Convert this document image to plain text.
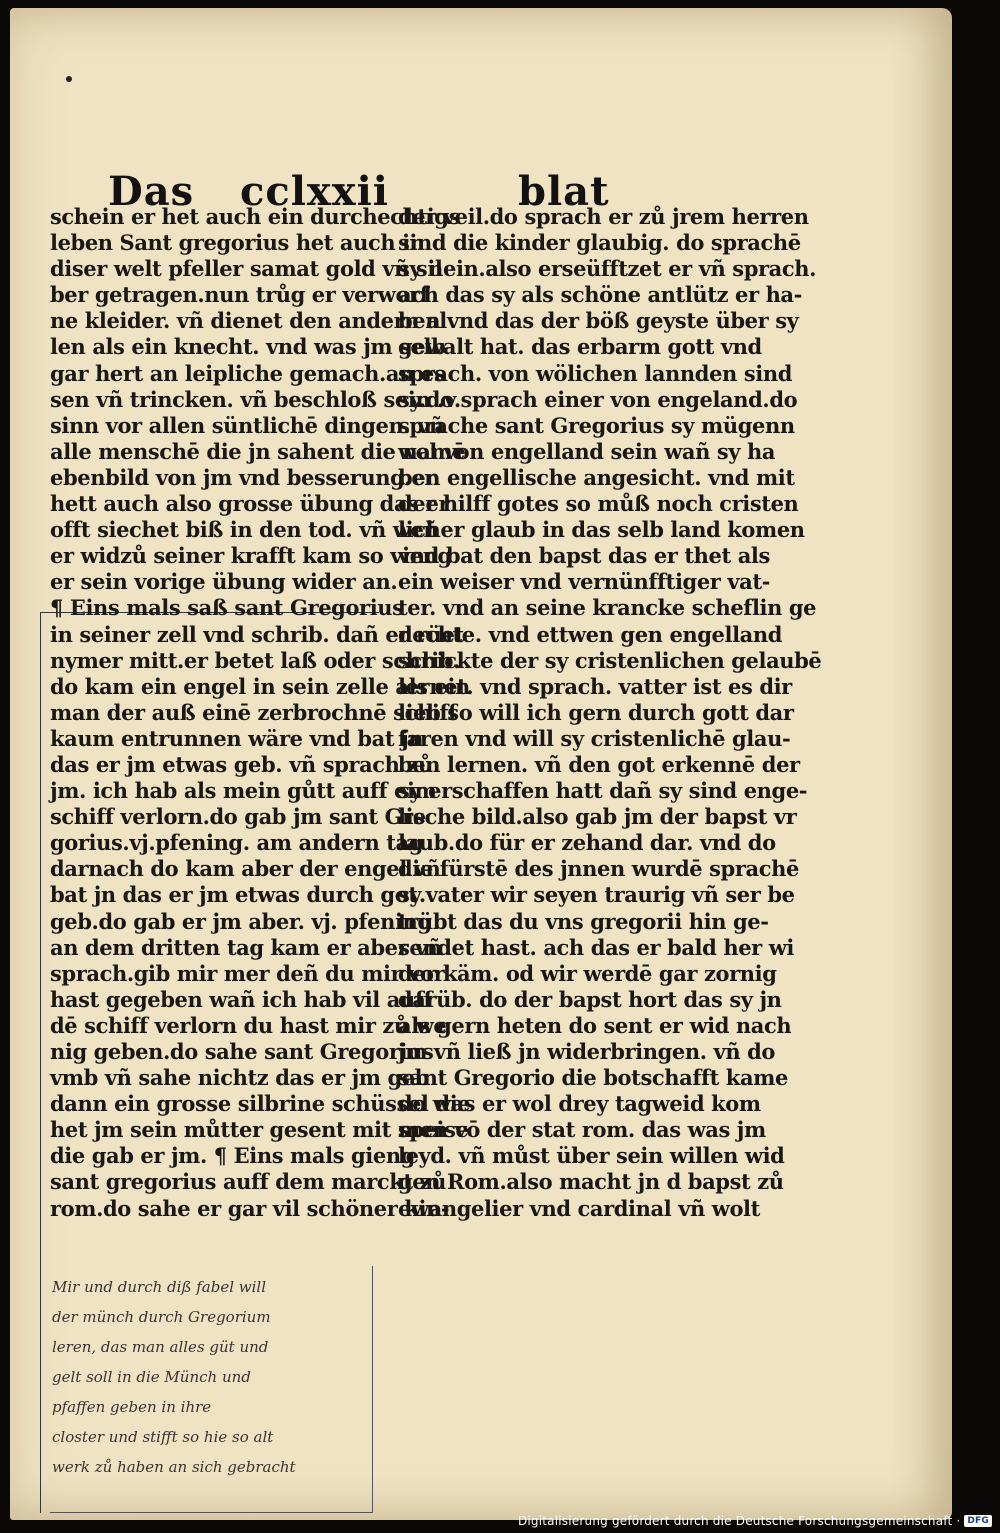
Das cclxxii	blat
schein er het auch ein durchechtigs
leben Sant gregorius het auch in
diser welt pfeller samat gold vñ sil
ber getragen.nun trůg er verworf
ne kleider. vñ dienet den andern al
len als ein knecht. vnd was jm selb
gar hert an leipliche gemach.an es
sen vñ trincken. vñ beschloß sein .v.
sinn vor allen süntlichē dingen. vñ
alle menschē die jn sahent die namē
ebenbild von jm vnd besserung.er
hett auch also grosse übung das er
offt siechet biß in den tod. vñ weñ
er widzů seiner krafft kam so vieng
er sein vorige übung wider an.
¶ Eins mals saß sant Gregorius
in seiner zell vnd schrib. dañ er rüet
nymer mitt.er betet laß oder schrib.
do kam ein engel in sein zelle als ein
man der auß einē zerbrochnē schiff
kaum entrunnen wäre vnd bat jn
das er jm etwas geb. vñ sprach zů
jm. ich hab als mein gůtt auff eim
schiff verlorn.do gab jm sant Gre
gorius.vj.pfening. am andern tag
darnach do kam aber der engel vñ
bat jn das er jm etwas durch got
geb.do gab er jm aber. vj. pfening
an dem dritten tag kam er aber vñ
sprach.gib mir mer deñ du mir vor
hast gegeben wañ ich hab vil auff
dē schiff verlorn du hast mir zů we
nig geben.do sahe sant Gregorius
vmb vñ sahe nichtz das er jm geb
dann ein grosse silbrine schüssel die
het jm sein můtter gesent mit speise
die gab er jm. ¶ Eins mals gieng
sant gregorius auff dem marckt zů
rom.do sahe er gar vil schöner kin-
der veil.do sprach er zů jrem herren
sind die kinder glaubig. do sprachē
sy nein.also erseüfftzet er vñ sprach.
ach das sy als schöne antlütz er ha-
ben vnd das der böß geyste über sy
gewalt hat. das erbarm gott vnd
sprach. von wölichen lannden sind
sy.do sprach einer von engeland.do
sprache sant Gregorius sy mügenn
wol von engelland sein wañ sy ha
ben engellische angesicht. vnd mit
der hilff gotes so můß noch cristen
licher glaub in das selb land komen
vnd bat den bapst das er thet als
ein weiser vnd vernünfftiger vat-
ter. vnd an seine krancke scheflin ge
dechte. vnd ettwen gen engelland
schickte der sy cristenlichen gelaubē
lernet. vnd sprach. vatter ist es dir
lieb so will ich gern durch gott dar
faren vnd will sy cristenlichē glau-
ben lernen. vñ den got erkennē der
sy erschaffen hatt dañ sy sind enge-
lische bild.also gab jm der bapst vr
laub.do für er zehand dar. vnd do
die fürstē des jnnen wurdē sprachē
sy.vater wir seyen traurig vñ ser be
trübt das du vns gregorii hin ge-
sendet hast. ach das er bald her wi
der käm. od wir werdē gar zornig
darüb. do der bapst hort das sy jn
als gern heten do sent er wid nach
jm vñ ließ jn widerbringen. vñ do
sant Gregorio die botschafft kame
do was er wol drey tagweid kom
men vō der stat rom. das was jm
leyd. vñ můst über sein willen wid
gen Rom.also macht jn d bapst zů
ewangelier vnd cardinal vñ wolt
Mir und durch diß fabel will
der münch durch Gregorium
leren, das man alles güt und
gelt soll in die Münch und
pfaffen geben in ihre
closter und stifft so hie so alt
werk zů haben an sich gebracht
Digitalisierung gefördert durch die Deutsche Forschungsgemeinschaft · DFG
